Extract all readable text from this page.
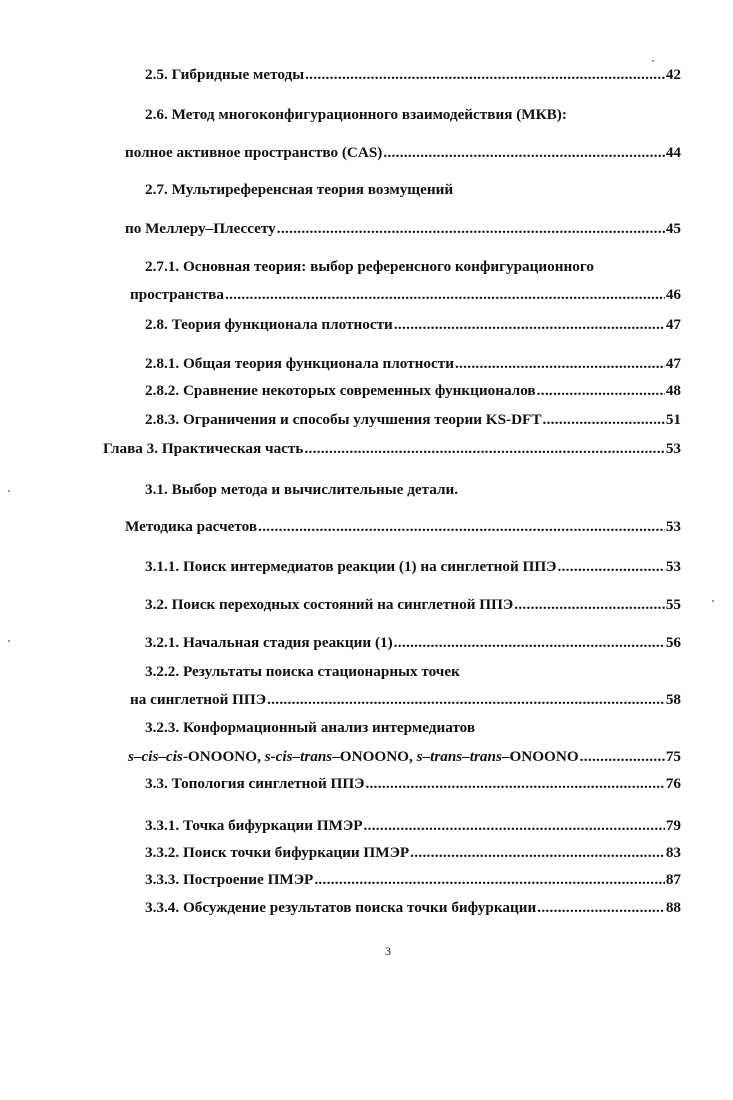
2.5. Гибридные методы .....	42
2.6. Метод многоконфигурационного взаимодействия (МКВ):
полное активное пространство (CAS) .....	44
2.7. Мультиреференсная теория возмущений
по Меллеру–Плессету .....	45
2.7.1. Основная теория: выбор референсного конфигурационного
пространства .....	46
2.8. Теория функционала плотности .....	47
2.8.1. Общая теория функционала плотности .....	47
2.8.2. Сравнение некоторых современных функционалов .....	48
2.8.3. Ограничения и способы улучшения теории KS-DFT .....	51
Глава 3. Практическая часть .....	53
3.1. Выбор метода и вычислительные детали.
Методика расчетов .....	53
3.1.1. Поиск интермедиатов реакции (1) на синглетной ППЭ .....	53
3.2. Поиск переходных состояний на синглетной ППЭ .....	55
3.2.1. Начальная стадия реакции (1) .....	56
3.2.2. Результаты поиска стационарных точек
на синглетной ППЭ .....	58
3.2.3. Конформационный анализ интермедиатов
s–cis–cis-ONOONO, s-cis–trans–ONOONO, s–trans–trans–ONOONO .....	75
3.3. Топология синглетной ППЭ .....	76
3.3.1. Точка бифуркации ПМЭР .....	79
3.3.2. Поиск точки бифуркации ПМЭР .....	83
3.3.3. Построение ПМЭР .....	87
3.3.4. Обсуждение результатов поиска точки бифуркации .....	88
3
